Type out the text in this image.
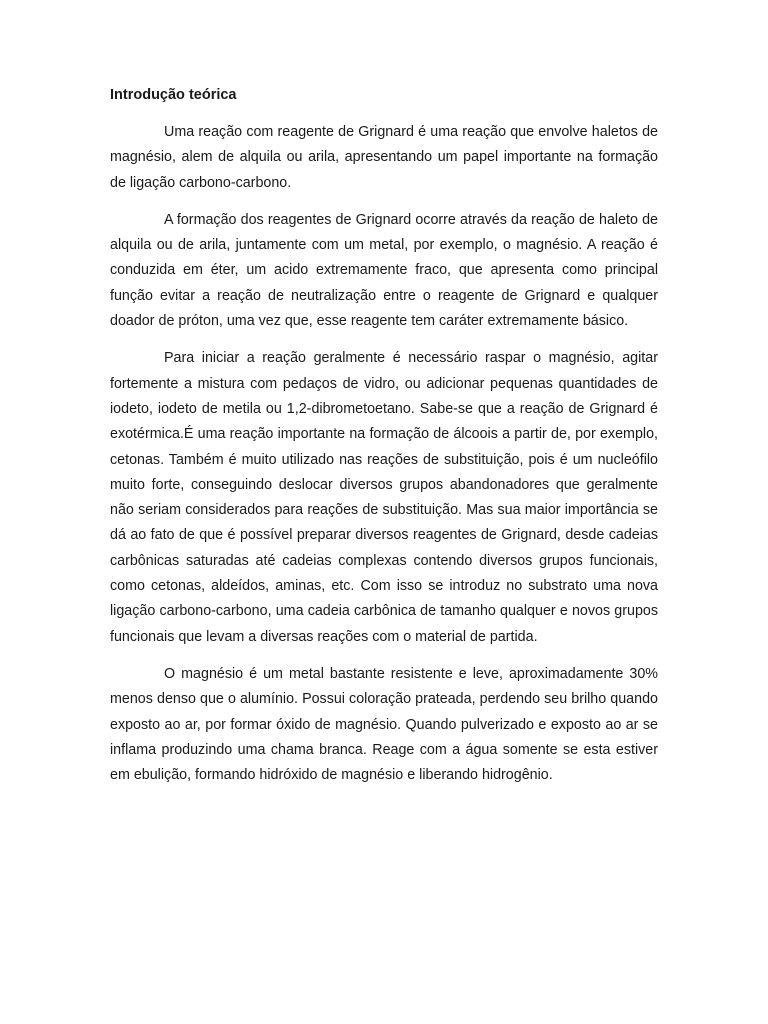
Introdução teórica

Uma reação com reagente de Grignard é uma reação que envolve haletos de magnésio, alem de alquila ou arila, apresentando um papel importante na formação de ligação carbono-carbono.

A formação dos reagentes de Grignard ocorre através da reação de haleto de alquila ou de arila, juntamente com um metal, por exemplo, o magnésio. A reação é conduzida em éter, um acido extremamente fraco, que apresenta como principal função evitar a reação de neutralização entre o reagente de Grignard e qualquer doador de próton, uma vez que, esse reagente tem caráter extremamente básico.

Para iniciar a reação geralmente é necessário raspar o magnésio, agitar fortemente a mistura com pedaços de vidro, ou adicionar pequenas quantidades de iodeto, iodeto de metila ou 1,2-dibrometoetano. Sabe-se que a reação de Grignard é exotérmica.É uma reação importante na formação de álcoois a partir de, por exemplo, cetonas. Também é muito utilizado nas reações de substituição, pois é um nucleófilo muito forte, conseguindo deslocar diversos grupos abandonadores que geralmente não seriam considerados para reações de substituição. Mas sua maior importância se dá ao fato de que é possível preparar diversos reagentes de Grignard, desde cadeias carbônicas saturadas até cadeias complexas contendo diversos grupos funcionais, como cetonas, aldeídos, aminas, etc. Com isso se introduz no substrato uma nova ligação carbono-carbono, uma cadeia carbônica de tamanho qualquer e novos grupos funcionais que levam a diversas reações com o material de partida.

O magnésio é um metal bastante resistente e leve, aproximadamente 30% menos denso que o alumínio. Possui coloração prateada, perdendo seu brilho quando exposto ao ar, por formar óxido de magnésio. Quando pulverizado e exposto ao ar se inflama produzindo uma chama branca. Reage com a água somente se esta estiver em ebulição, formando hidróxido de magnésio e liberando hidrogênio.
